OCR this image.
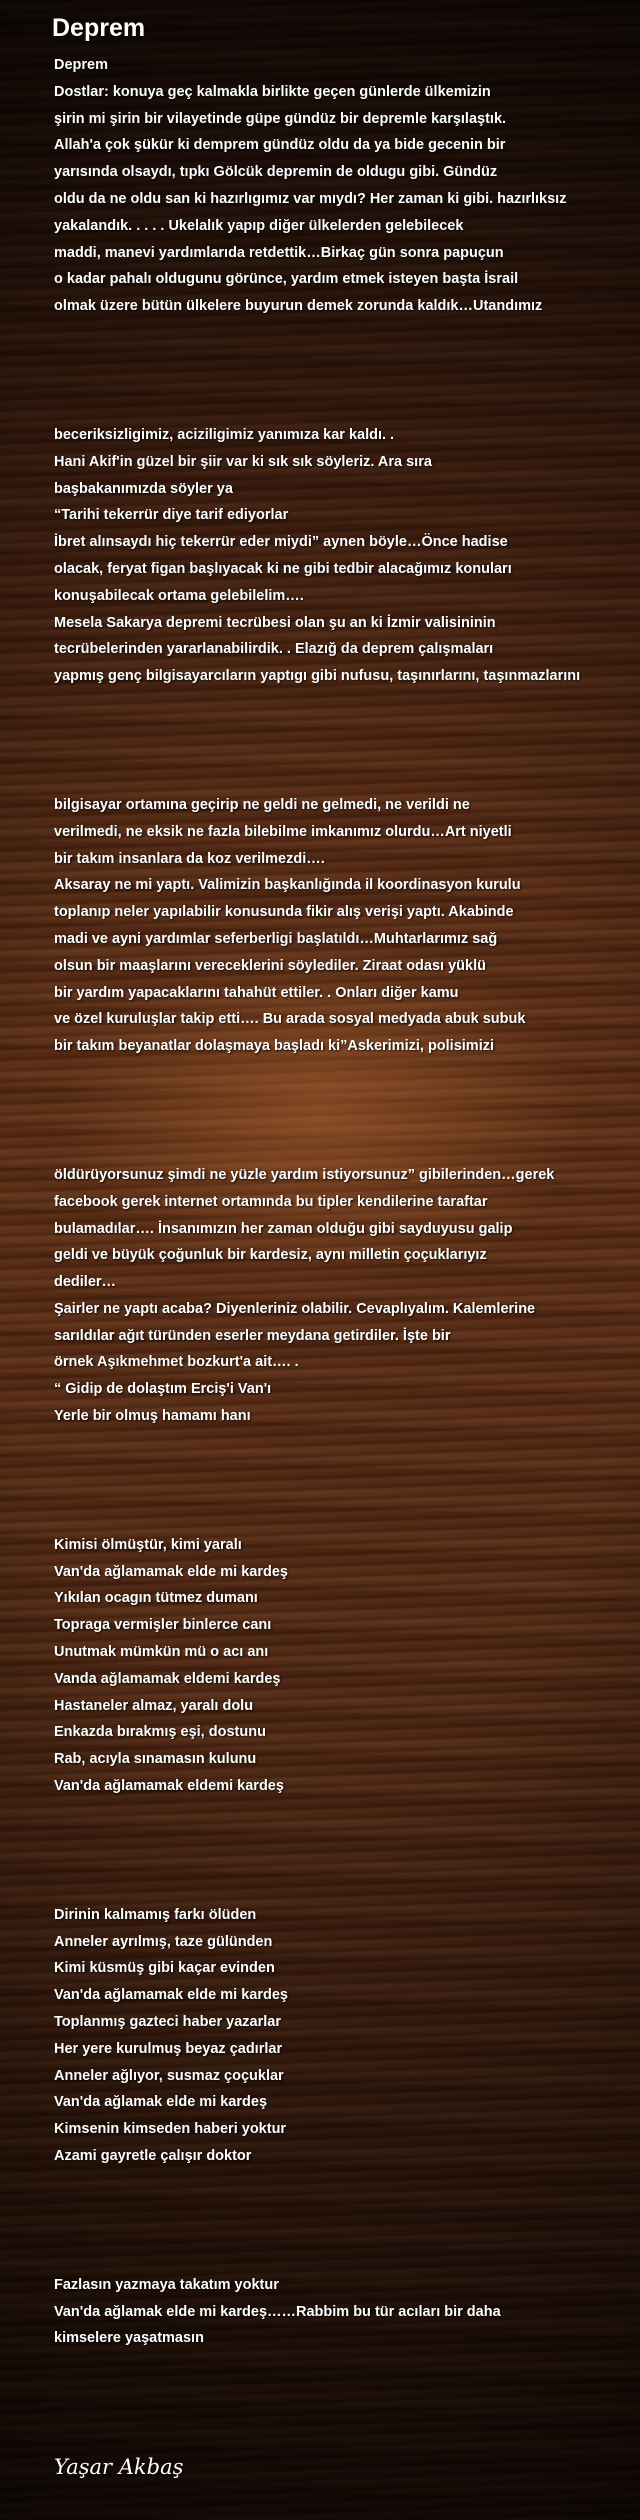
Deprem
Deprem
Dostlar: konuya geç kalmakla birlikte geçen günlerde ülkemizin
şirin mi şirin bir vilayetinde güpe gündüz bir depremle karşılaştık.
Allah'a çok şükür ki demprem gündüz oldu da ya bide gecenin bir
yarısında olsaydı, tıpkı Gölcük depremin de oldugu gibi. Gündüz
oldu da ne oldu san ki hazırlıgımız var mıydı? Her zaman ki gibi. hazırlıksız
yakalandık. . . . . Ukelalık yapıp diğer ülkelerden gelebilecek
maddi, manevi yardımlarıda retdettik…Birkaç gün sonra papuçun
o kadar pahalı oldugunu görünce, yardım etmek isteyen başta İsrail
olmak üzere bütün ülkelere buyurun demek zorunda kaldık…Utandımız
beceriksizligimiz, aciziligimiz yanımıza kar kaldı. .
Hani Akif'in güzel bir şiir var ki sık sık söyleriz. Ara sıra
başbakanımızda söyler ya
“Tarihi tekerrür diye tarif ediyorlar
İbret alınsaydı hiç tekerrür eder miydi” aynen böyle…Önce hadise
olacak, feryat figan başlıyacak ki ne gibi tedbir alacağımız konuları
konuşabilecak ortama gelebilelim….
Mesela Sakarya depremi tecrübesi olan şu an ki İzmir valisininin
tecrübelerinden yararlanabilirdik. . Elazığ da deprem çalışmaları
yapmış genç bilgisayarcıların yaptıgı gibi nufusu, taşınırlarını, taşınmazlarını
bilgisayar ortamına geçirip ne geldi ne gelmedi, ne verildi ne
verilmedi, ne eksik ne fazla bilebilme imkanımız olurdu…Art niyetli
bir takım insanlara da koz verilmezdi….
Aksaray ne mi yaptı. Valimizin başkanlığında il koordinasyon kurulu
toplanıp neler yapılabilir konusunda fikir alış verişi yaptı. Akabinde
madi ve ayni yardımlar seferberligi başlatıldı…Muhtarlarımız sağ
olsun bir maaşlarını vereceklerini söylediler. Ziraat odası yüklü
bir yardım yapacaklarını tahahüt ettiler. . Onları diğer kamu
ve özel kuruluşlar takip etti…. Bu arada sosyal medyada abuk subuk
bir takım beyanatlar dolaşmaya başladı ki”Askerimizi, polisimizi
öldürüyorsunuz şimdi ne yüzle yardım istiyorsunuz” gibilerinden…gerek
facebook gerek internet ortamında bu tipler kendilerine taraftar
bulamadılar…. İnsanımızın her zaman olduğu gibi sayduyusu galip
geldi ve büyük çoğunluk bir kardesiz, aynı milletin çoçuklarıyız
dediler…
Şairler ne yaptı acaba? Diyenleriniz olabilir. Cevaplıyalım. Kalemlerine
sarıldılar ağıt türünden eserler meydana getirdiler. İşte bir
örnek Aşıkmehmet bozkurt'a ait…. .
“ Gidip de dolaştım Erciş'i Van'ı
Yerle bir olmuş hamamı hanı
Kimisi ölmüştür, kimi yaralı
Van'da ağlamamak elde mi kardeş
Yıkılan ocagın tütmez dumanı
Topraga vermişler binlerce canı
Unutmak mümkün mü o acı anı
Vanda ağlamamak eldemi kardeş
Hastaneler almaz, yaralı dolu
Enkazda bırakmış eşi, dostunu
Rab, acıyla sınamasın kulunu
Van'da ağlamamak eldemi kardeş
Dirinin kalmamış farkı ölüden
Anneler ayrılmış, taze gülünden
Kimi küsmüş gibi kaçar evinden
Van'da ağlamamak elde mi kardeş
Toplanmış gazteci haber yazarlar
Her yere kurulmuş beyaz çadırlar
Anneler ağlıyor, susmaz çoçuklar
Van'da ağlamak elde mi kardeş
Kimsenin kimseden haberi yoktur
Azami gayretle çalışır doktor
Fazlasın yazmaya takatım yoktur
Van'da ağlamak elde mi kardeş……Rabbim bu tür acıları bir daha
kimselere yaşatmasın
Yaşar Akbaş
